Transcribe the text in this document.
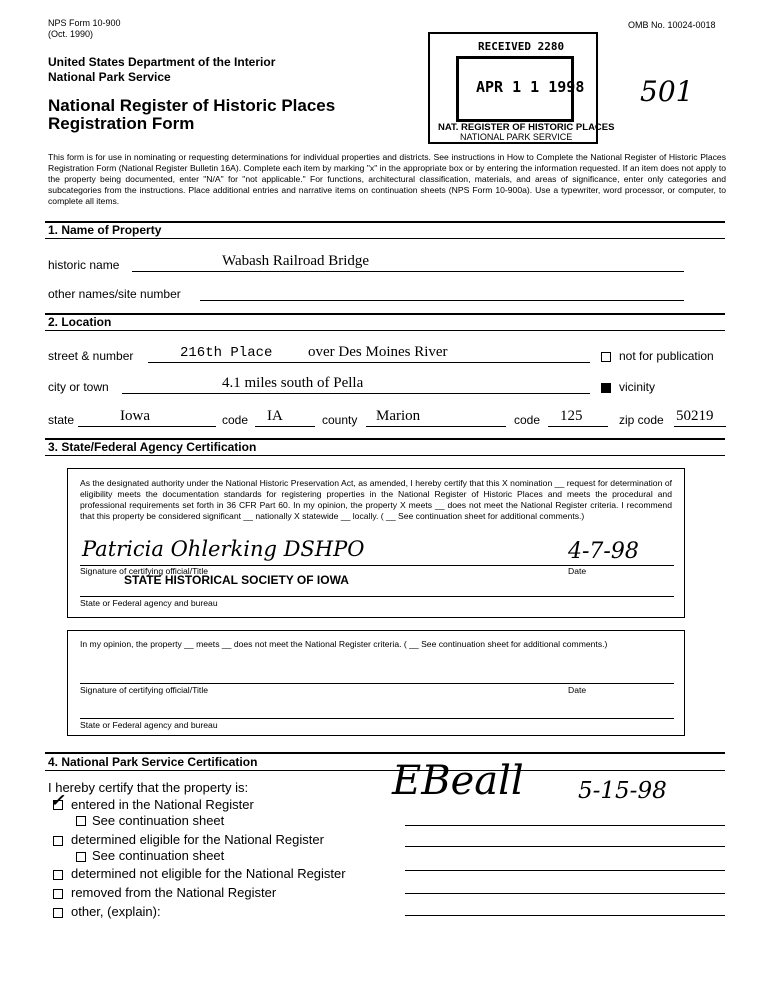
NPS Form 10-900
(Oct. 1990)
OMB No. 10024-0018
United States Department of the Interior
National Park Service
National Register of Historic Places
Registration Form
RECEIVED 2280
APR 1 1 1998
NAT. REGISTER OF HISTORIC PLACES
NATIONAL PARK SERVICE
501
This form is for use in nominating or requesting determinations for individual properties and districts. See instructions in How to Complete the National Register of Historic Places Registration Form (National Register Bulletin 16A). Complete each item by marking "x" in the appropriate box or by entering the information requested. If an item does not apply to the property being documented, enter "N/A" for "not applicable." For functions, architectural classification, materials, and areas of significance, enter only categories and subcategories from the instructions. Place additional entries and narrative items on continuation sheets (NPS Form 10-900a). Use a typewriter, word processor, or computer, to complete all items.
1. Name of Property
historic name	Wabash Railroad Bridge
other names/site number
2. Location
street & number	216th Place over Des Moines River	not for publication
city or town	4.1 miles south of Pella	vicinity
state	Iowa	code IA	county Marion	code 125	zip code 50219
3. State/Federal Agency Certification
As the designated authority under the National Historic Preservation Act, as amended, I hereby certify that this X nomination __ request for determination of eligibility meets the documentation standards for registering properties in the National Register of Historic Places and meets the procedural and professional requirements set forth in 36 CFR Part 60. In my opinion, the property X meets __ does not meet the National Register criteria. I recommend that this property be considered significant __ nationally X statewide __ locally. ( __ See continuation sheet for additional comments.)
Patricia Ohlerking DSHPO	4-7-98
Signature of certifying official/Title	Date
STATE HISTORICAL SOCIETY OF IOWA
State or Federal agency and bureau
In my opinion, the property __ meets __ does not meet the National Register criteria. ( __ See continuation sheet for additional comments.)
Signature of certifying official/Title	Date
State or Federal agency and bureau
4. National Park Service Certification
I hereby certify that the property is:
✓ entered in the National Register
See continuation sheet
determined eligible for the National Register
See continuation sheet
determined not eligible for the National Register
removed from the National Register
other, (explain):
EBeall 5-15-98
